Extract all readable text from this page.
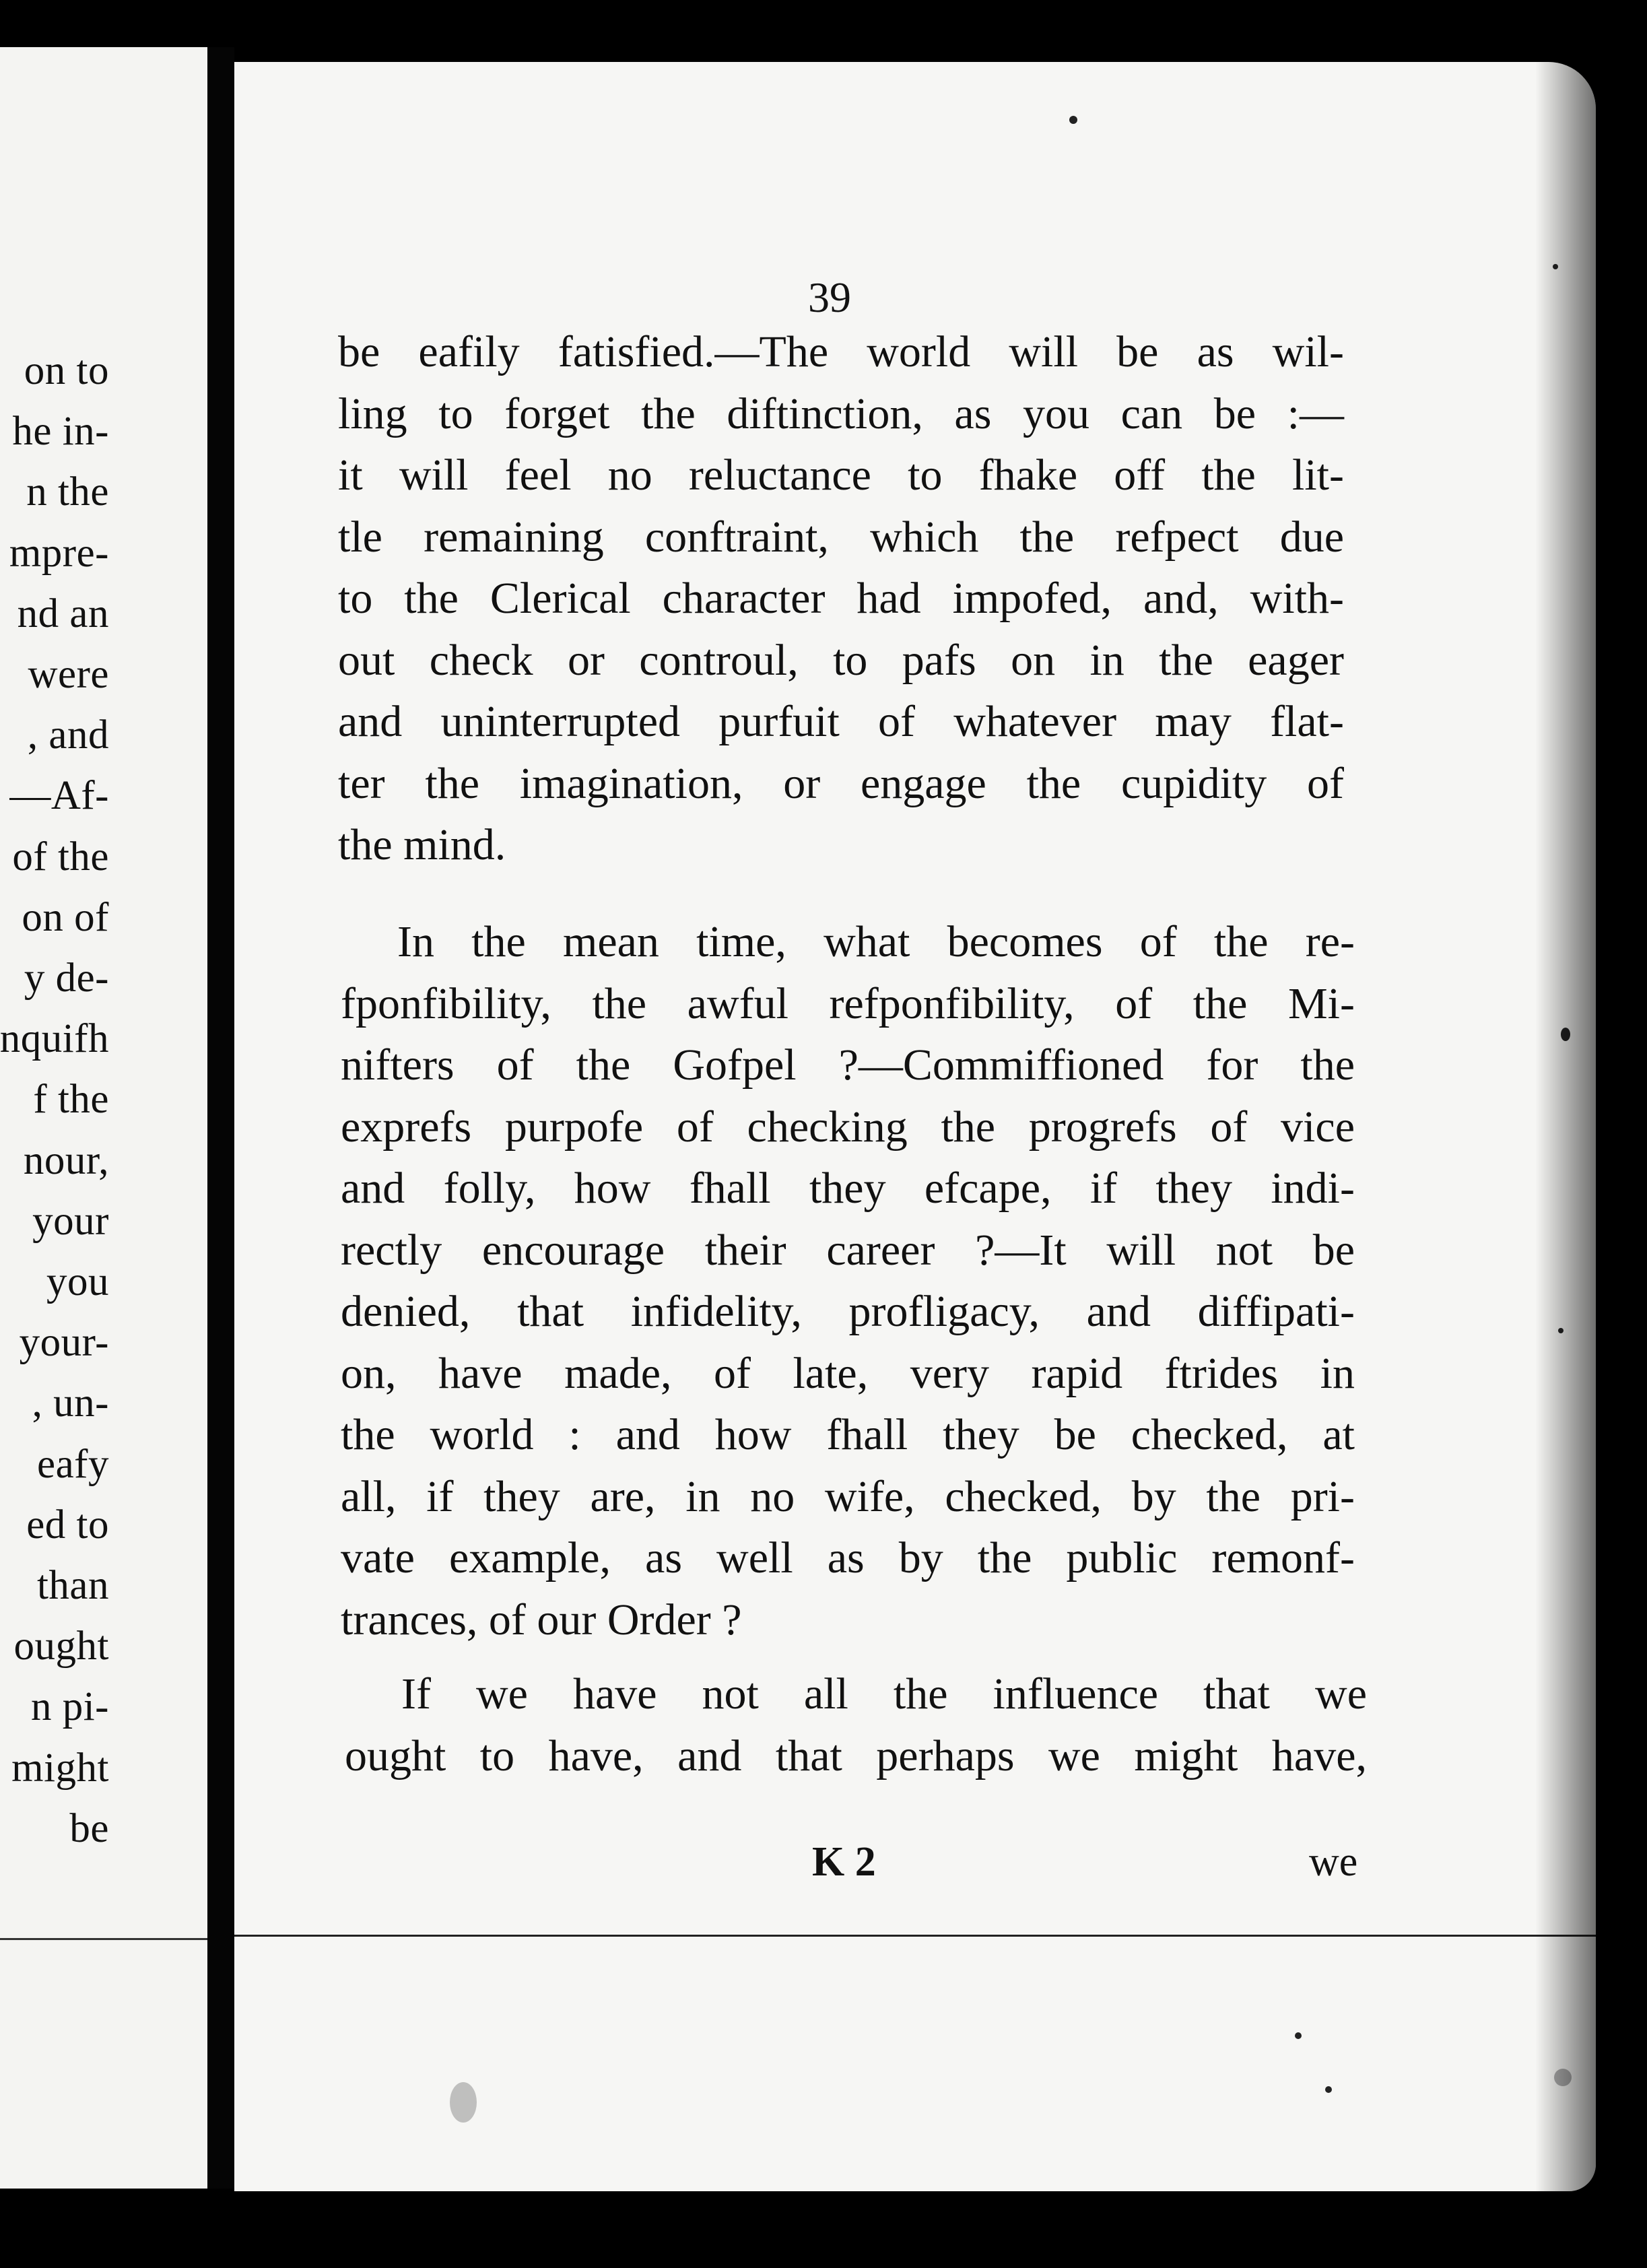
on to
he in-
n the
mpre-
nd an
were
, and
—Af-
of the
on of
y de-
nquifh
f the
nour,
your
you
your-
, un-
eafy
ed to
than
ought
n pi-
might
be
39
be eafily fatisfied.—The world will be as wil-
ling to forget the diftinction, as you can be :—
it will feel no reluctance to fhake off the lit-
tle remaining conftraint, which the refpect due
to the Clerical character had impofed, and, with-
out check or controul, to pafs on in the eager
and uninterrupted purfuit of whatever may flat-
ter the imagination, or engage the cupidity of
the mind.
In the mean time, what becomes of the re-
fponfibility, the awful refponfibility, of the Mi-
nifters of the Gofpel ?—Commiffioned for the
exprefs purpofe of checking the progrefs of vice
and folly, how fhall they efcape, if they indi-
rectly encourage their career ?—It will not be
denied, that infidelity, profligacy, and diffipati-
on, have made, of late, very rapid ftrides in
the world : and how fhall they be checked, at
all, if they are, in no wife, checked, by the pri-
vate example, as well as by the public remonf-
trances, of our Order ?
If we have not all the influence that we
ought to have, and that perhaps we might have,
K 2	we
